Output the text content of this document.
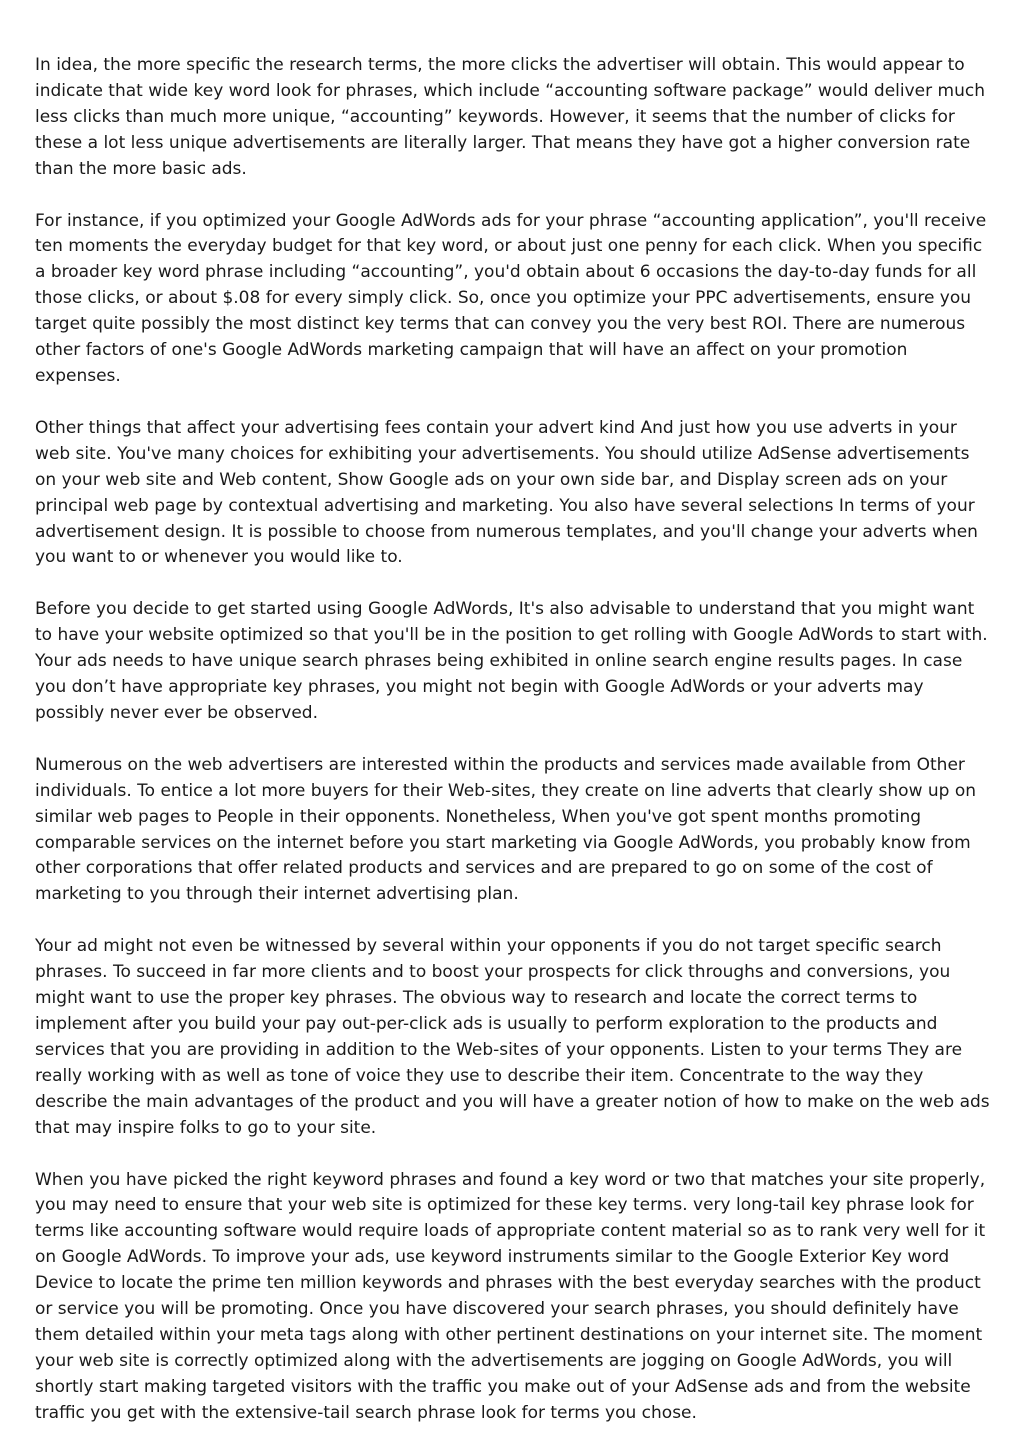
In idea, the more specific the research terms, the more clicks the advertiser will obtain. This would appear to indicate that wide key word look for phrases, which include “accounting software package” would deliver much less clicks than much more unique, “accounting” keywords. However, it seems that the number of clicks for these a lot less unique advertisements are literally larger. That means they have got a higher conversion rate than the more basic ads.

For instance, if you optimized your Google AdWords ads for your phrase “accounting application”, you'll receive ten moments the everyday budget for that key word, or about just one penny for each click. When you specific a broader key word phrase including “accounting”, you'd obtain about 6 occasions the day-to-day funds for all those clicks, or about $.08 for every simply click. So, once you optimize your PPC advertisements, ensure you target quite possibly the most distinct key terms that can convey you the very best ROI. There are numerous other factors of one's Google AdWords marketing campaign that will have an affect on your promotion expenses.

Other things that affect your advertising fees contain your advert kind And just how you use adverts in your web site. You've many choices for exhibiting your advertisements. You should utilize AdSense advertisements on your web site and Web content, Show Google ads on your own side bar, and Display screen ads on your principal web page by contextual advertising and marketing. You also have several selections In terms of your advertisement design. It is possible to choose from numerous templates, and you'll change your adverts when you want to or whenever you would like to.

Before you decide to get started using Google AdWords, It's also advisable to understand that you might want to have your website optimized so that you'll be in the position to get rolling with Google AdWords to start with. Your ads needs to have unique search phrases being exhibited in online search engine results pages. In case you don’t have appropriate key phrases, you might not begin with Google AdWords or your adverts may possibly never ever be observed.

Numerous on the web advertisers are interested within the products and services made available from Other individuals. To entice a lot more buyers for their Web-sites, they create on line adverts that clearly show up on similar web pages to People in their opponents. Nonetheless, When you've got spent months promoting comparable services on the internet before you start marketing via Google AdWords, you probably know from other corporations that offer related products and services and are prepared to go on some of the cost of marketing to you through their internet advertising plan.

Your ad might not even be witnessed by several within your opponents if you do not target specific search phrases. To succeed in far more clients and to boost your prospects for click throughs and conversions, you might want to use the proper key phrases. The obvious way to research and locate the correct terms to implement after you build your pay out-per-click ads is usually to perform exploration to the products and services that you are providing in addition to the Web-sites of your opponents. Listen to your terms They are really working with as well as tone of voice they use to describe their item. Concentrate to the way they describe the main advantages of the product and you will have a greater notion of how to make on the web ads that may inspire folks to go to your site.

When you have picked the right keyword phrases and found a key word or two that matches your site properly, you may need to ensure that your web site is optimized for these key terms. very long-tail key phrase look for terms like accounting software would require loads of appropriate content material so as to rank very well for it on Google AdWords. To improve your ads, use keyword instruments similar to the Google Exterior Key word Device to locate the prime ten million keywords and phrases with the best everyday searches with the product or service you will be promoting. Once you have discovered your search phrases, you should definitely have them detailed within your meta tags along with other pertinent destinations on your internet site. The moment your web site is correctly optimized along with the advertisements are jogging on Google AdWords, you will shortly start making targeted visitors with the traffic you make out of your AdSense ads and from the website traffic you get with the extensive-tail search phrase look for terms you chose.
